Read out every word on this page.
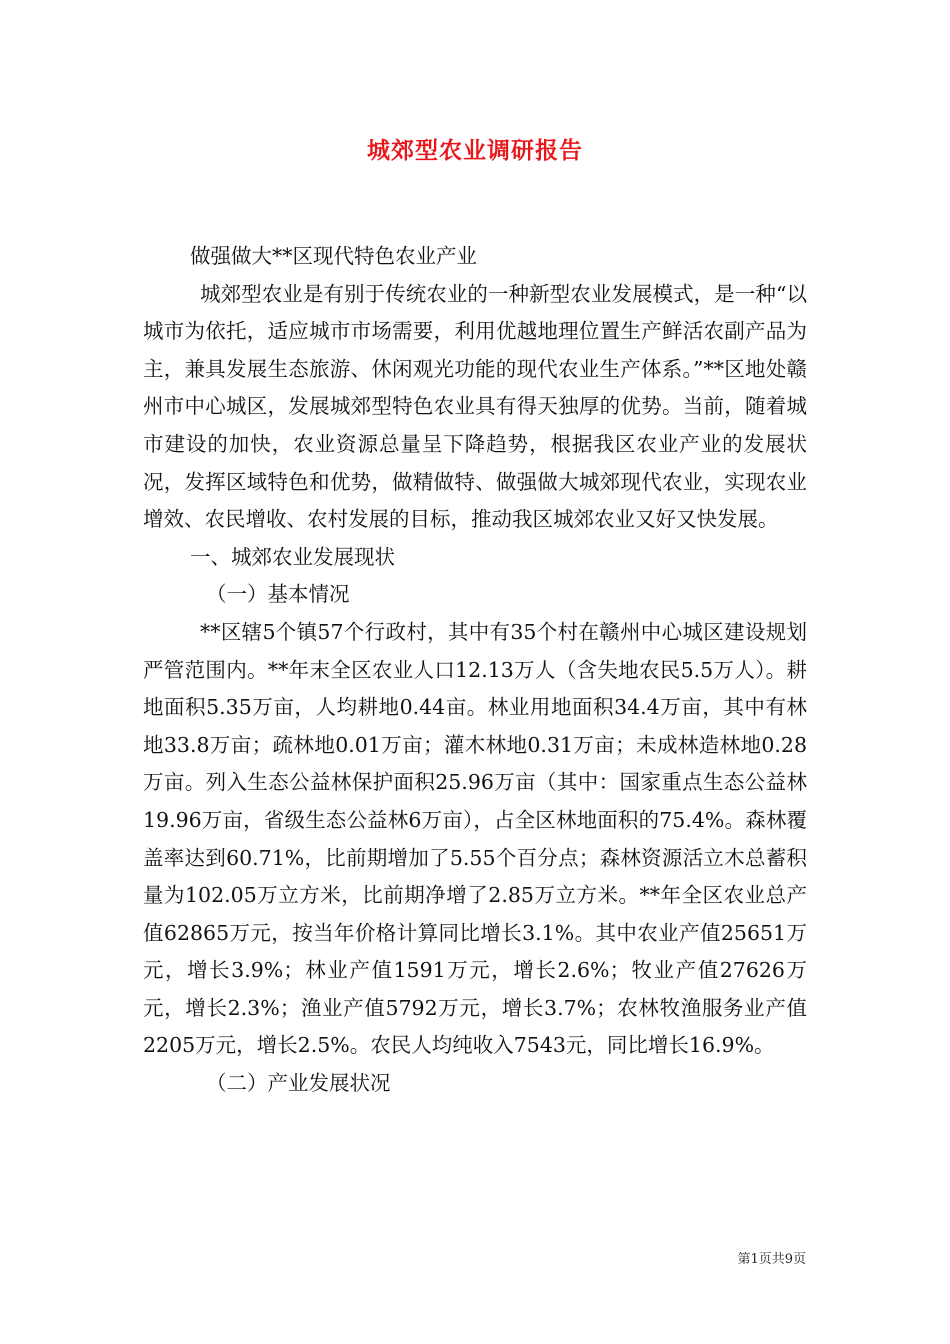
城郊型农业调研报告

做强做大**区现代特色农业产业

城郊型农业是有别于传统农业的一种新型农业发展模式，是一种“以城市为依托，适应城市市场需要，利用优越地理位置生产鲜活农副产品为主，兼具发展生态旅游、休闲观光功能的现代农业生产体系。”**区地处赣州市中心城区，发展城郊型特色农业具有得天独厚的优势。当前，随着城市建设的加快，农业资源总量呈下降趋势，根据我区农业产业的发展状况，发挥区域特色和优势，做精做特、做强做大城郊现代农业，实现农业增效、农民增收、农村发展的目标，推动我区城郊农业又好又快发展。

一、城郊农业发展现状

（一）基本情况

**区辖5个镇57个行政村，其中有35个村在赣州中心城区建设规划严管范围内。**年末全区农业人口12.13万人（含失地农民5.5万人）。耕地面积5.35万亩，人均耕地0.44亩。林业用地面积34.4万亩，其中有林地33.8万亩；疏林地0.01万亩；灌木林地0.31万亩；未成林造林地0.28万亩。列入生态公益林保护面积25.96万亩（其中：国家重点生态公益林19.96万亩，省级生态公益林6万亩），占全区林地面积的75.4%。森林覆盖率达到60.71%，比前期增加了5.55个百分点；森林资源活立木总蓄积量为102.05万立方米，比前期净增了2.85万立方米。**年全区农业总产值62865万元，按当年价格计算同比增长3.1%。其中农业产值25651万元，增长3.9%；林业产值1591万元，增长2.6%；牧业产值27626万元，增长2.3%；渔业产值5792万元，增长3.7%；农林牧渔服务业产值2205万元，增长2.5%。农民人均纯收入7543元，同比增长16.9%。

（二）产业发展状况

第1页共9页
